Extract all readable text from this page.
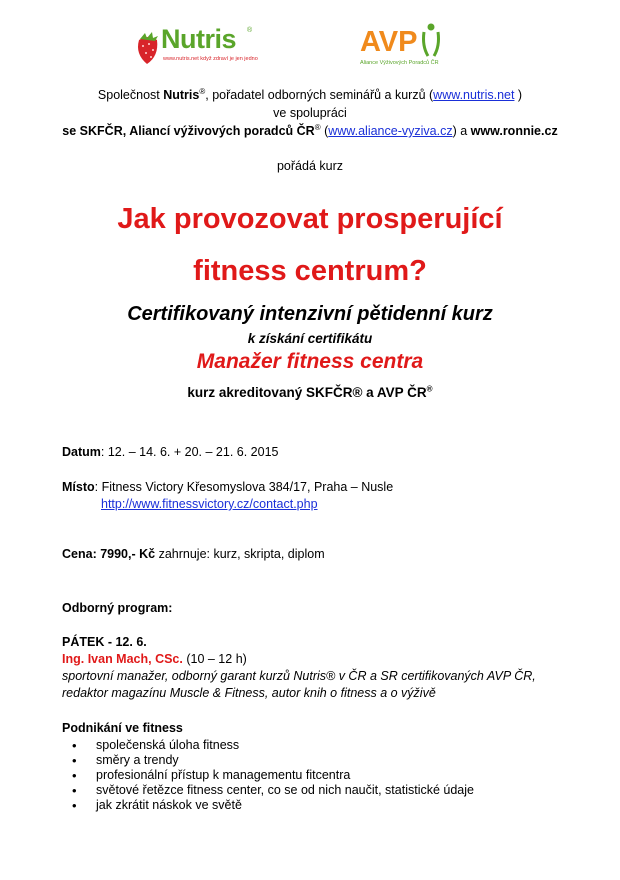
Nutris ®
www.nutris.net když zdraví je jen jedno
AVP
Aliance Výživových Poradců ČR
Společnost Nutris®, pořadatel odborných seminářů a kurzů (www.nutris.net )
ve spolupráci
se SKFČR, Aliancí výživových poradců ČR® (www.aliance-vyziva.cz) a www.ronnie.cz
pořádá kurz
Jak provozovat prosperující
fitness centrum?
Certifikovaný intenzivní pětidenní kurz
k získání certifikátu
Manažer fitness centra
kurz akreditovaný SKFČR® a AVP ČR®
Datum: 12. – 14. 6. + 20. – 21. 6. 2015
Místo: Fitness Victory Křesomyslova 384/17, Praha – Nusle
http://www.fitnessvictory.cz/contact.php
Cena: 7990,- Kč zahrnuje: kurz, skripta, diplom
Odborný program:
PÁTEK - 12. 6.
Ing. Ivan Mach, CSc. (10 – 12 h)
sportovní manažer, odborný garant kurzů Nutris® v ČR a SR certifikovaných AVP ČR,
redaktor magazínu Muscle & Fitness, autor knih o fitness a o výživě
Podnikání ve fitness
• společenská úloha fitness
• směry a trendy
• profesionální přístup k managementu fitcentra
• světové řetězce fitness center, co se od nich naučit, statistické údaje
• jak zkrátit náskok ve světě
